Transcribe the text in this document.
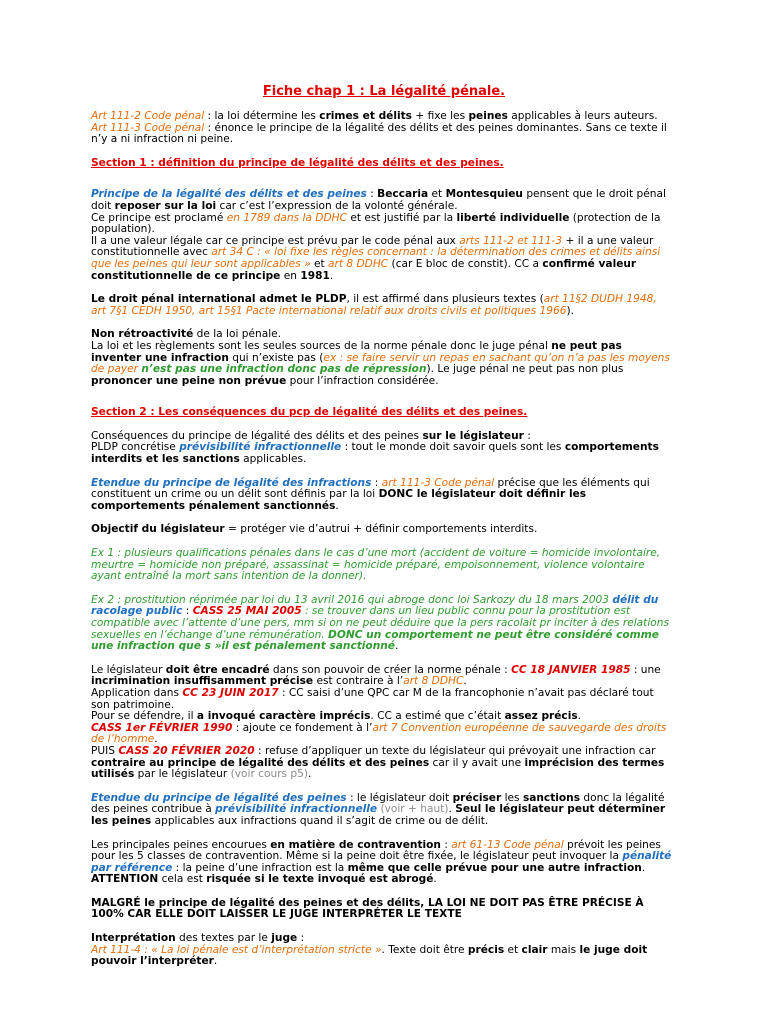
Fiche chap 1 : La légalité pénale.

Art 111-2 Code pénal : la loi détermine les crimes et délits + fixe les peines applicables à leurs auteurs.

Art 111-3 Code pénal : énonce le principe de la légalité des délits et des peines dominantes. Sans ce texte il n’y a ni infraction ni peine.

Section 1 : définition du principe de légalité des délits et des peines.

Principe de la légalité des délits et des peines : Beccaria et Montesquieu pensent que le droit pénal doit reposer sur la loi car c’est l’expression de la volonté générale.

Ce principe est proclamé en 1789 dans la DDHC et est justifié par la liberté individuelle (protection de la population).

Il a une valeur légale car ce principe est prévu par le code pénal aux arts 111-2 et 111-3 + il a une valeur constitutionnelle avec art 34 C : « loi fixe les règles concernant : la détermination des crimes et délits ainsi que les peines qui leur sont applicables » et art 8 DDHC (car E bloc de constit). CC a confirmé valeur constitutionnelle de ce principe en 1981.

Le droit pénal international admet le PLDP, il est affirmé dans plusieurs textes (art 11§2 DUDH 1948, art 7§1 CEDH 1950, art 15§1 Pacte international relatif aux droits civils et politiques 1966).

Non rétroactivité de la loi pénale.

La loi et les règlements sont les seules sources de la norme pénale donc le juge pénal ne peut pas inventer une infraction qui n’existe pas (ex : se faire servir un repas en sachant qu’on n’a pas les moyens de payer n’est pas une infraction donc pas de répression). Le juge pénal ne peut pas non plus prononcer une peine non prévue pour l’infraction considérée.

Section 2 : Les conséquences du pcp de légalité des délits et des peines.

Conséquences du principe de légalité des délits et des peines sur le législateur :

PLDP concrétise prévisibilité infractionnelle : tout le monde doit savoir quels sont les comportements interdits et les sanctions applicables.

Etendue du principe de légalité des infractions : art 111-3 Code pénal précise que les éléments qui constituent un crime ou un délit sont définis par la loi DONC le législateur doit définir les comportements pénalement sanctionnés.

Objectif du législateur = protéger vie d’autrui + définir comportements interdits.

Ex 1 : plusieurs qualifications pénales dans le cas d’une mort (accident de voiture = homicide involontaire, meurtre = homicide non préparé, assassinat = homicide préparé, empoisonnement, violence volontaire ayant entraîné la mort sans intention de la donner).

Ex 2 : prostitution réprimée par loi du 13 avril 2016 qui abroge donc loi Sarkozy du 18 mars 2003 délit du racolage public : CASS 25 MAI 2005 : se trouver dans un lieu public connu pour la prostitution est compatible avec l’attente d’une pers, mm si on ne peut déduire que la pers racolait pr inciter à des relations sexuelles en l’échange d’une rémunération. DONC un comportement ne peut être considéré comme une infraction que s »il est pénalement sanctionné.

Le législateur doit être encadré dans son pouvoir de créer la norme pénale : CC 18 JANVIER 1985 : une incrimination insuffisamment précise est contraire à l’art 8 DDHC.

Application dans CC 23 JUIN 2017 : CC saisi d’une QPC car M de la francophonie n’avait pas déclaré tout son patrimoine.

Pour se défendre, il a invoqué caractère imprécis. CC a estimé que c’était assez précis.

CASS 1er FÉVRIER 1990 : ajoute ce fondement à l’art 7 Convention européenne de sauvegarde des droits de l’homme.

PUIS CASS 20 FÉVRIER 2020 : refuse d’appliquer un texte du législateur qui prévoyait une infraction car contraire au principe de légalité des délits et des peines car il y avait une imprécision des termes utilisés par le législateur (voir cours p5).

Etendue du principe de légalité des peines : le législateur doit préciser les sanctions donc la légalité des peines contribue à prévisibilité infractionnelle (voir + haut). Seul le législateur peut déterminer les peines applicables aux infractions quand il s’agit de crime ou de délit.

Les principales peines encourues en matière de contravention : art 61-13 Code pénal prévoit les peines pour les 5 classes de contravention. Même si la peine doit être fixée, le législateur peut invoquer la pénalité par référence : la peine d’une infraction est la même que celle prévue pour une autre infraction.

ATTENTION cela est risquée si le texte invoqué est abrogé.

MALGRÉ le principe de légalité des peines et des délits, LA LOI NE DOIT PAS ÊTRE PRÉCISE À 100% CAR ELLE DOIT LAISSER LE JUGE INTERPRÉTER LE TEXTE

Interprétation des textes par le juge :

Art 111-4 : « La loi pénale est d’interprétation stricte ». Texte doit être précis et clair mais le juge doit pouvoir l’interpréter.
